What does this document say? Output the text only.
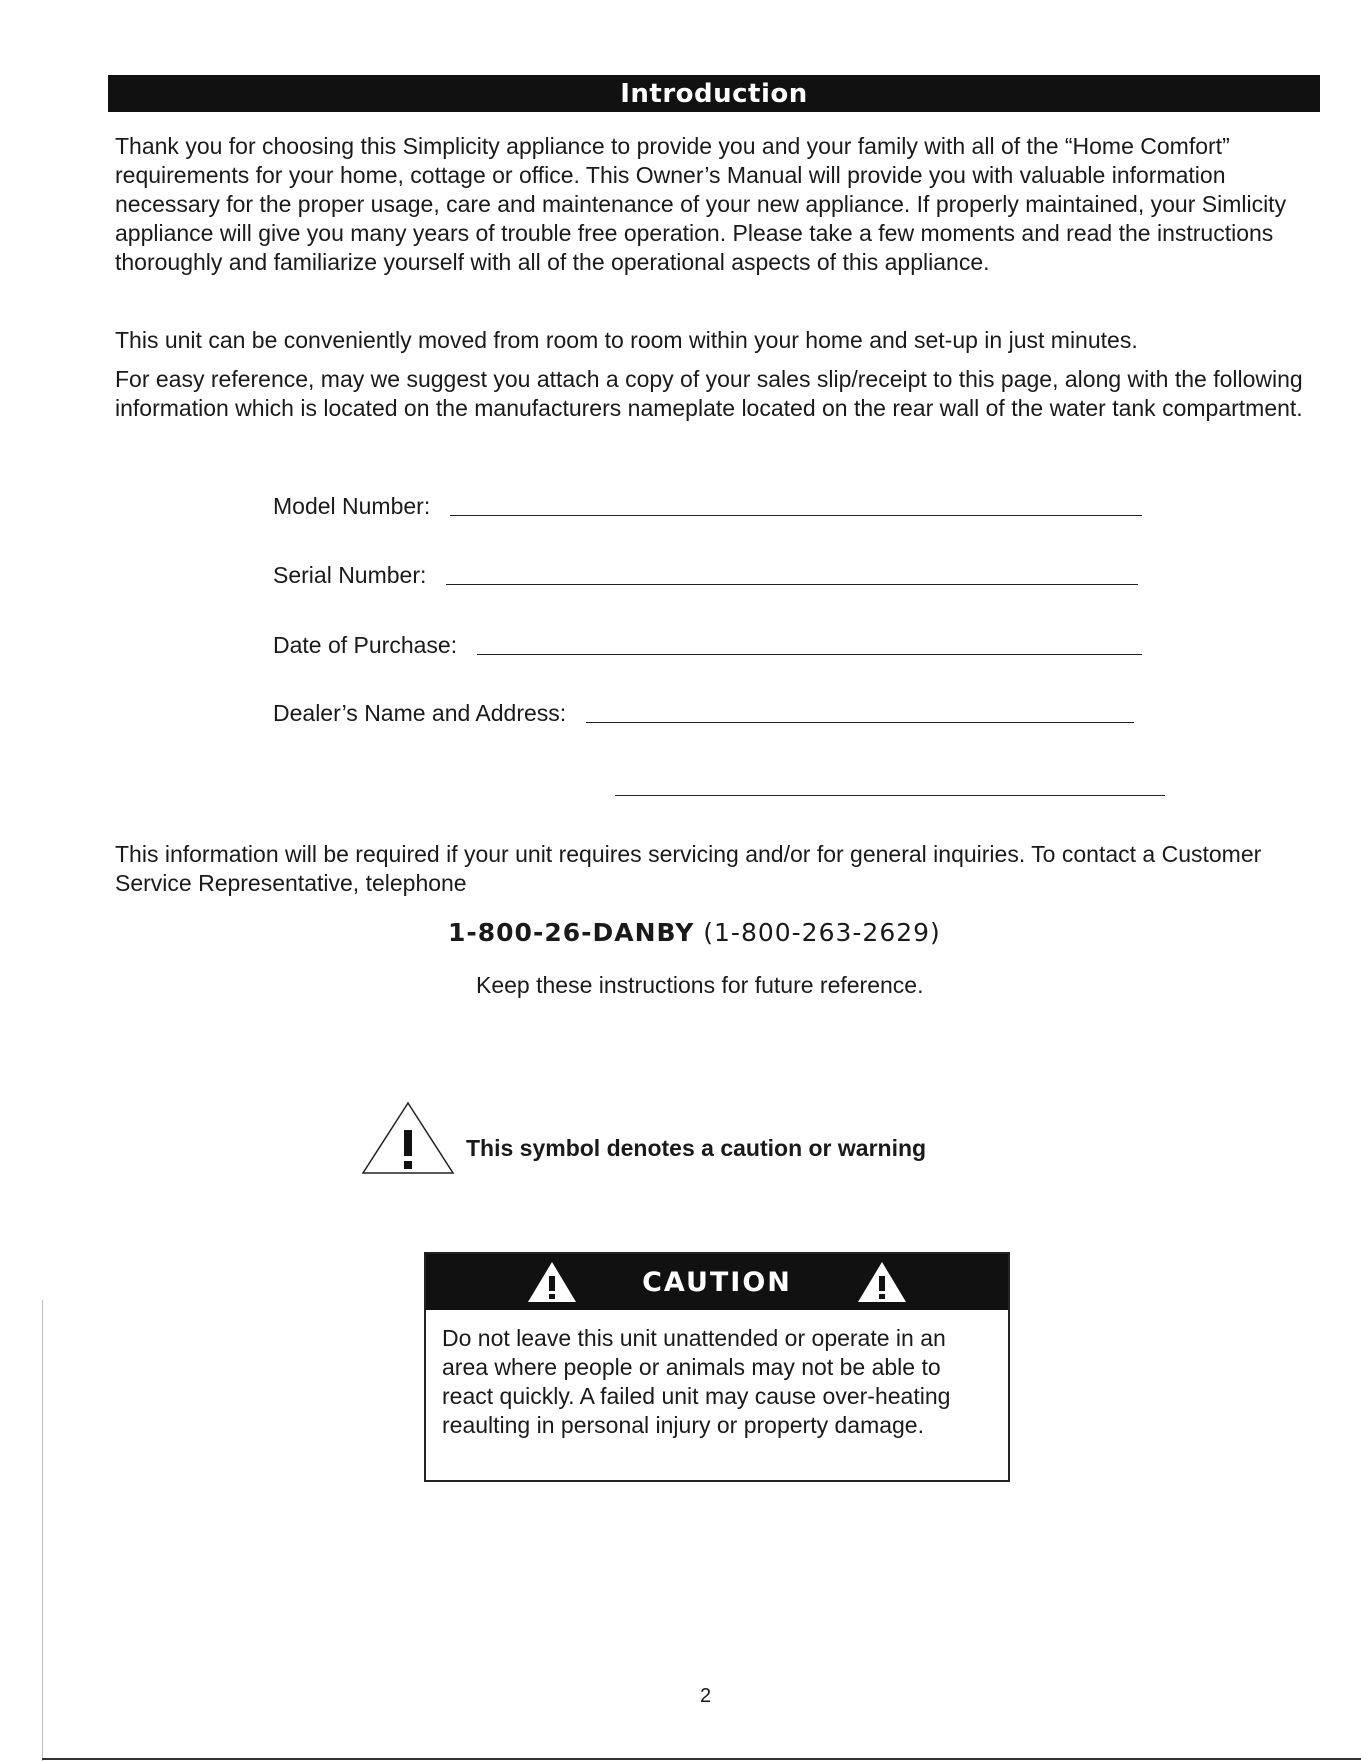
Introduction

Thank you for choosing this Simplicity appliance to provide you and your family with all of the “Home Comfort” requirements for your home, cottage or office. This Owner’s Manual will provide you with valuable information necessary for the proper usage, care and maintenance of your new appliance. If properly maintained, your Simlicity appliance will give you many years of trouble free operation. Please take a few moments and read the instructions thoroughly and familiarize yourself with all of the operational aspects of this appliance.

This unit can be conveniently moved from room to room within your home and set-up in just minutes.

For easy reference, may we suggest you attach a copy of your sales slip/receipt to this page, along with the following information which is located on the manufacturers nameplate located on the rear wall of the water tank compartment.

Model Number:
Serial Number:
Date of Purchase:
Dealer’s Name and Address:

This information will be required if your unit requires servicing and/or for general inquiries. To contact a Customer Service Representative, telephone

1-800-26-DANBY (1-800-263-2629)
Keep these instructions for future reference.
This symbol denotes a caution or warning
CAUTION

Do not leave this unit unattended or operate in an area where people or animals may not be able to react quickly. A failed unit may cause over-heating reaulting in personal injury or property damage.

2
